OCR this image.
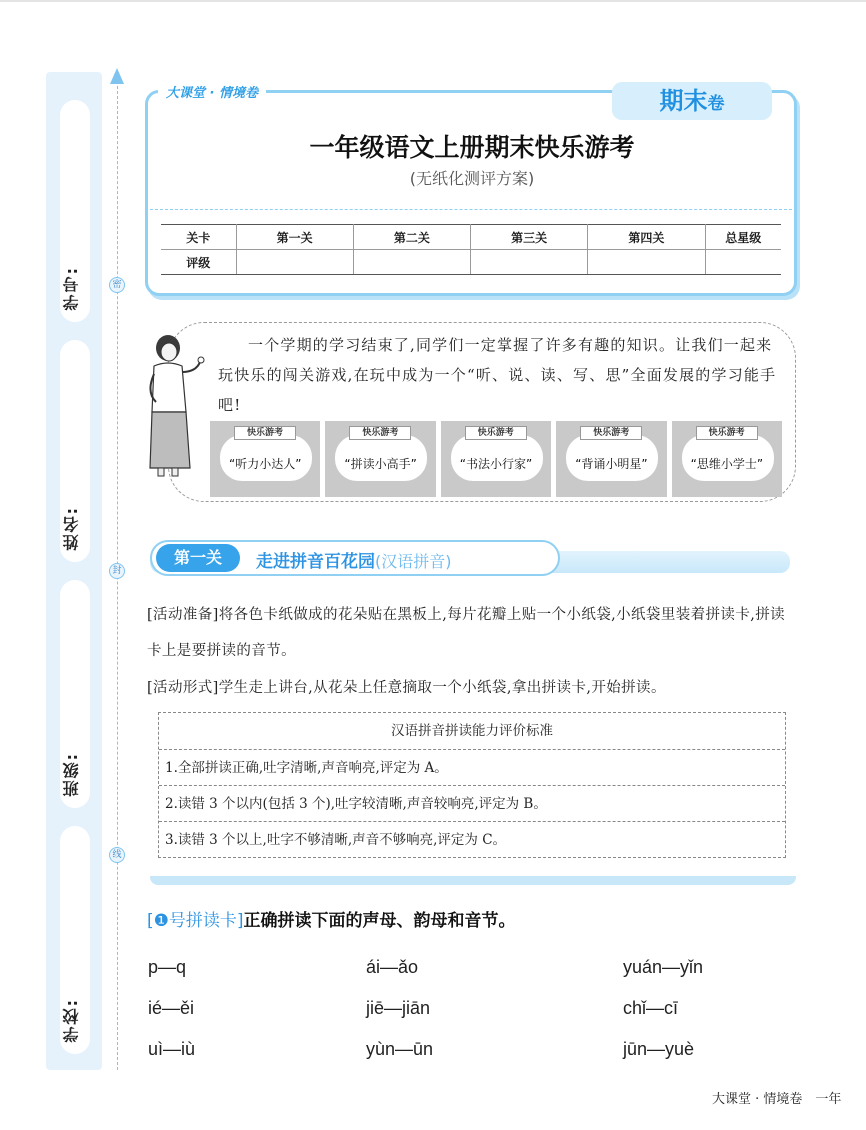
学校:
班级:
姓名:
学号:	密
封
线
大课堂 · 情境卷	期末卷
一年级语文上册期末快乐游考
(无纸化测评方案)
关卡	第一关	第二关	第三关	第四关	总星级
评级					
一个学期的学习结束了,同学们一定掌握了许多有趣的知识。让我们一起来玩快乐的闯关游戏,在玩中成为一个“听、说、读、写、思”全面发展的学习能手吧!
快乐游考
“听力小达人”
快乐游考
“拼读小高手”
快乐游考
“书法小行家”
快乐游考
“背诵小明星”
快乐游考
“思维小学士”
第一关	走进拼音百花园(汉语拼音)
[活动准备]将各色卡纸做成的花朵贴在黑板上,每片花瓣上贴一个小纸袋,小纸袋里装着拼读卡,拼读卡上是要拼读的音节。
[活动形式]学生走上讲台,从花朵上任意摘取一个小纸袋,拿出拼读卡,开始拼读。
汉语拼音拼读能力评价标准
1.全部拼读正确,吐字清晰,声音响亮,评定为 A。
2.读错 3 个以内(包括 3 个),吐字较清晰,声音较响亮,评定为 B。
3.读错 3 个以上,吐字不够清晰,声音不够响亮,评定为 C。
[❶号拼读卡]正确拼读下面的声母、韵母和音节。
p—q	ái—ǎo	yuán—yǐn
ié—ěi	jiē—jiān	chǐ—cī
uì—iù	yùn—ūn	jūn—yuè
大课堂 · 情境卷　一年
